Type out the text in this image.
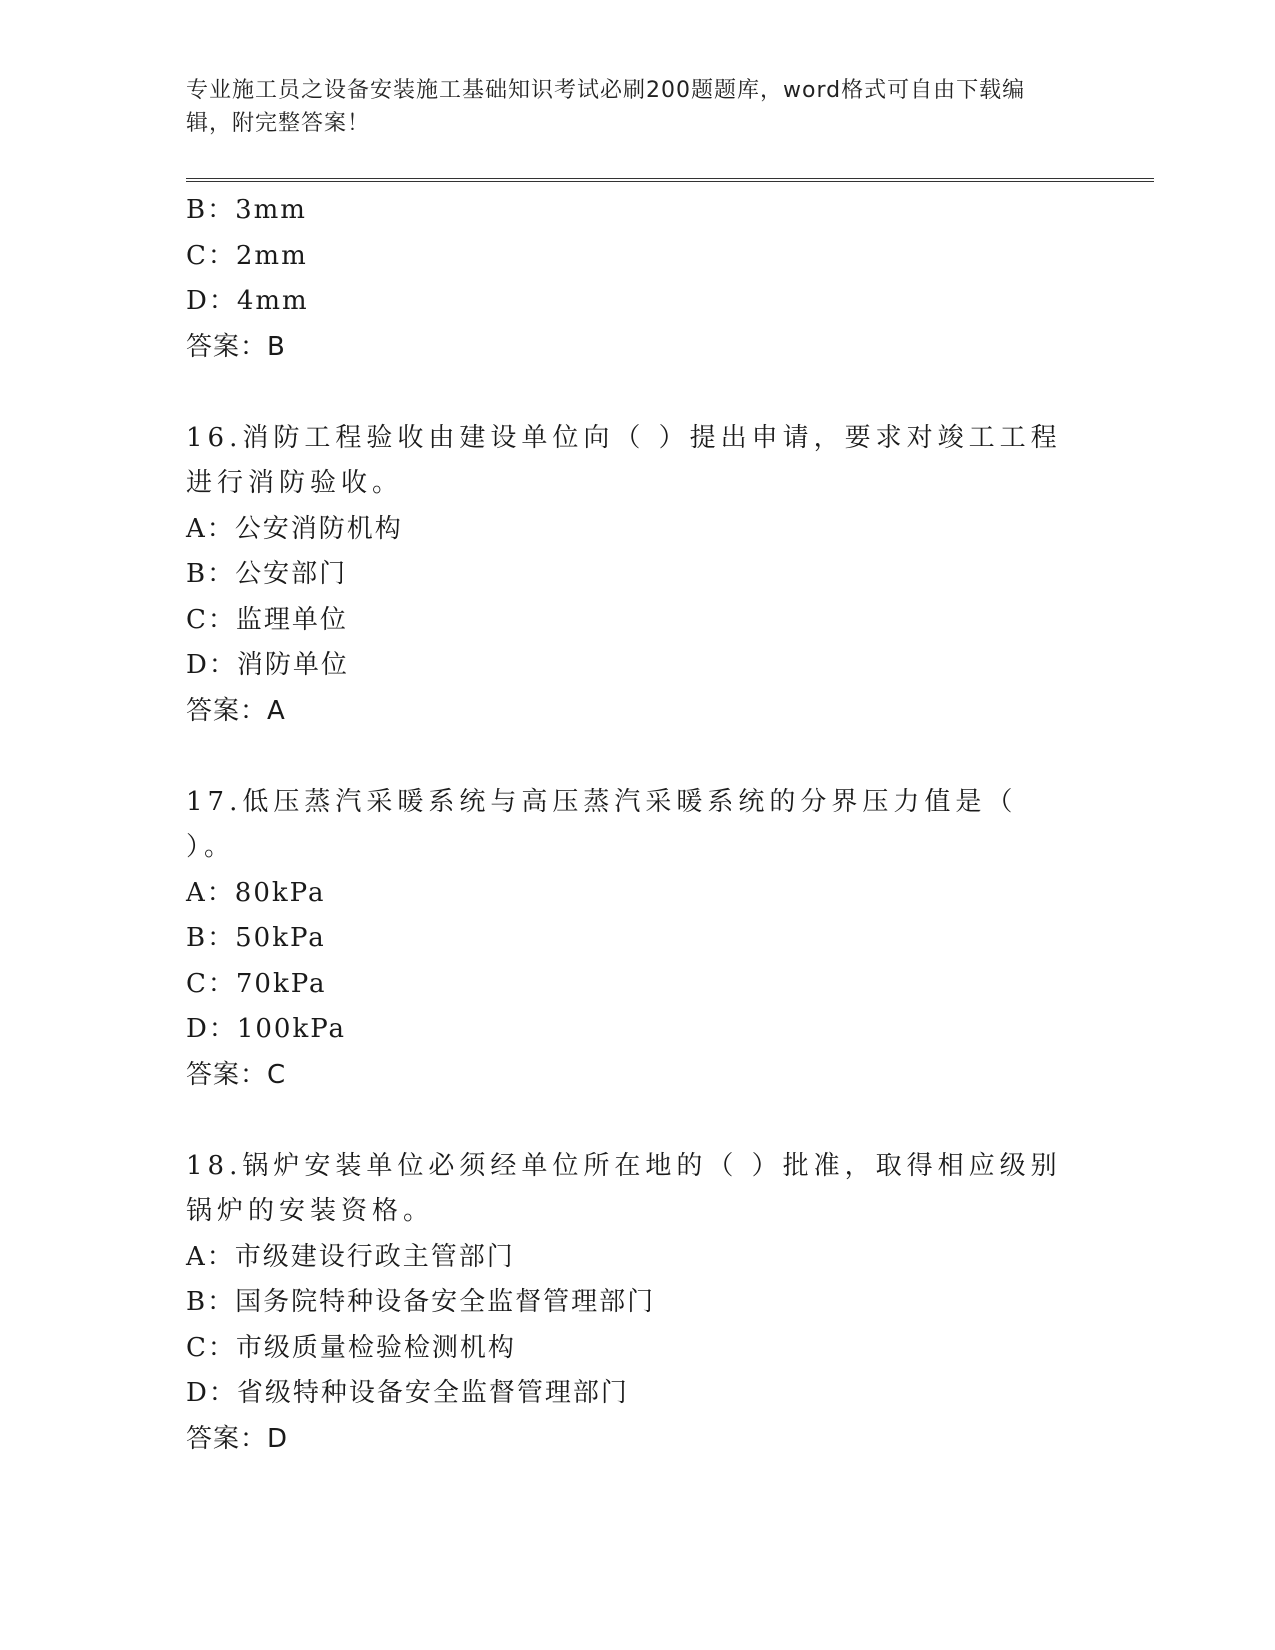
专业施工员之设备安装施工基础知识考试必刷200题题库，word格式可自由下载编辑，附完整答案！
B：3mm
C：2mm
D：4mm
答案：B
16.消防工程验收由建设单位向（ ）提出申请，要求对竣工工程进行消防验收。
A：公安消防机构
B：公安部门
C：监理单位
D：消防单位
答案：A
17.低压蒸汽采暖系统与高压蒸汽采暖系统的分界压力值是（ ）。
A：80kPa
B：50kPa
C：70kPa
D：100kPa
答案：C
18.锅炉安装单位必须经单位所在地的（ ）批准，取得相应级别锅炉的安装资格。
A：市级建设行政主管部门
B：国务院特种设备安全监督管理部门
C：市级质量检验检测机构
D：省级特种设备安全监督管理部门
答案：D
